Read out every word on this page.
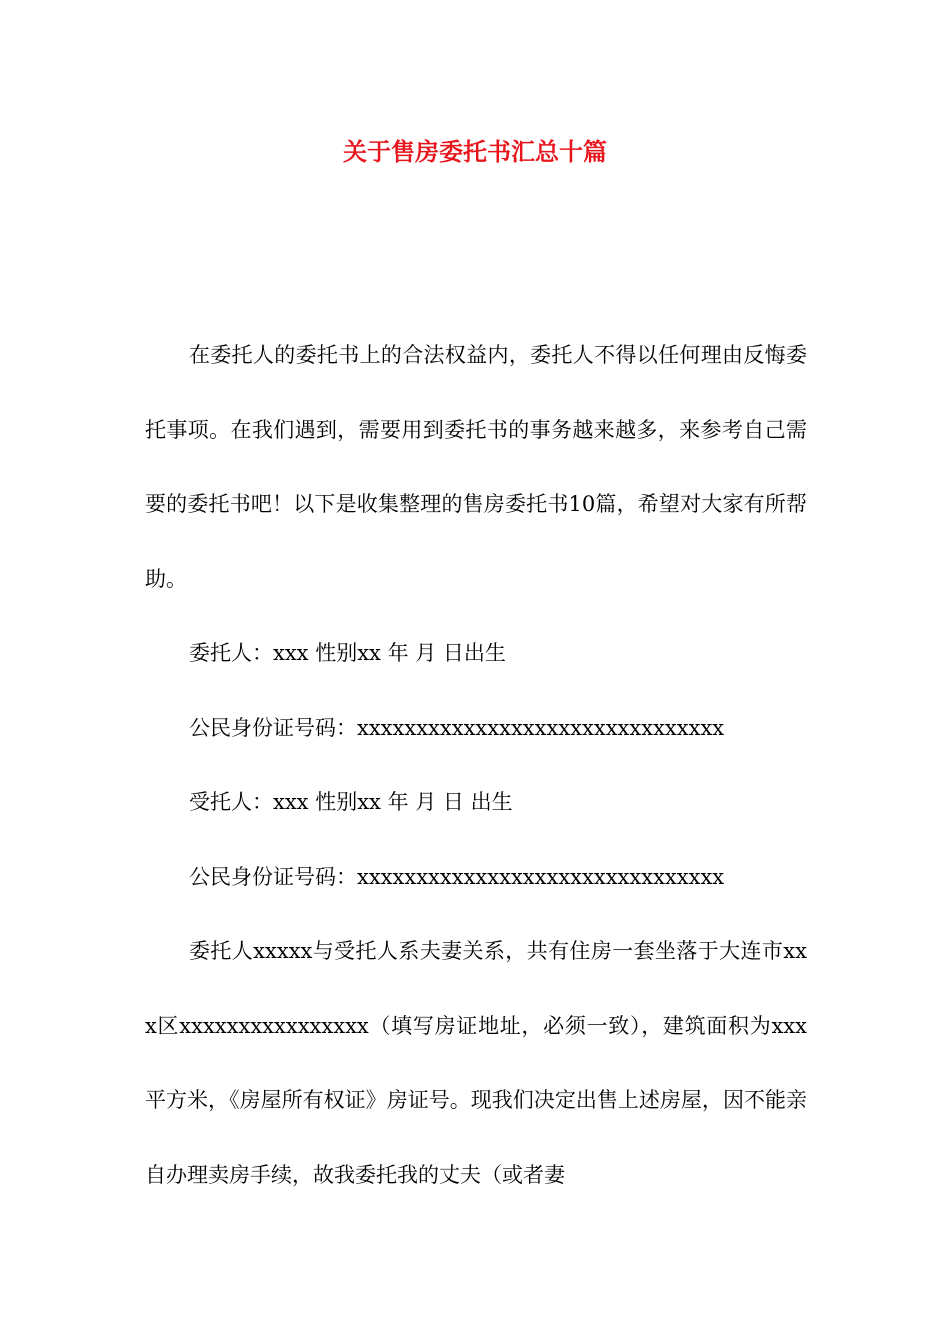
关于售房委托书汇总十篇

在委托人的委托书上的合法权益内，委托人不得以任何理由反悔委托事项。在我们遇到，需要用到委托书的事务越来越多，来参考自己需要的委托书吧！以下是收集整理的售房委托书10篇，希望对大家有所帮助。

委托人：xxx 性别xx 年 月 日出生

公民身份证号码：xxxxxxxxxxxxxxxxxxxxxxxxxxxxxxx

受托人：xxx 性别xx 年 月 日 出生

公民身份证号码：xxxxxxxxxxxxxxxxxxxxxxxxxxxxxxx

委托人xxxxx与受托人系夫妻关系，共有住房一套坐落于大连市xxx区xxxxxxxxxxxxxxxx（填写房证地址，必须一致），建筑面积为xxx平方米，《房屋所有权证》房证号。现我们决定出售上述房屋，因不能亲自办理卖房手续，故我委托我的丈夫（或者妻
